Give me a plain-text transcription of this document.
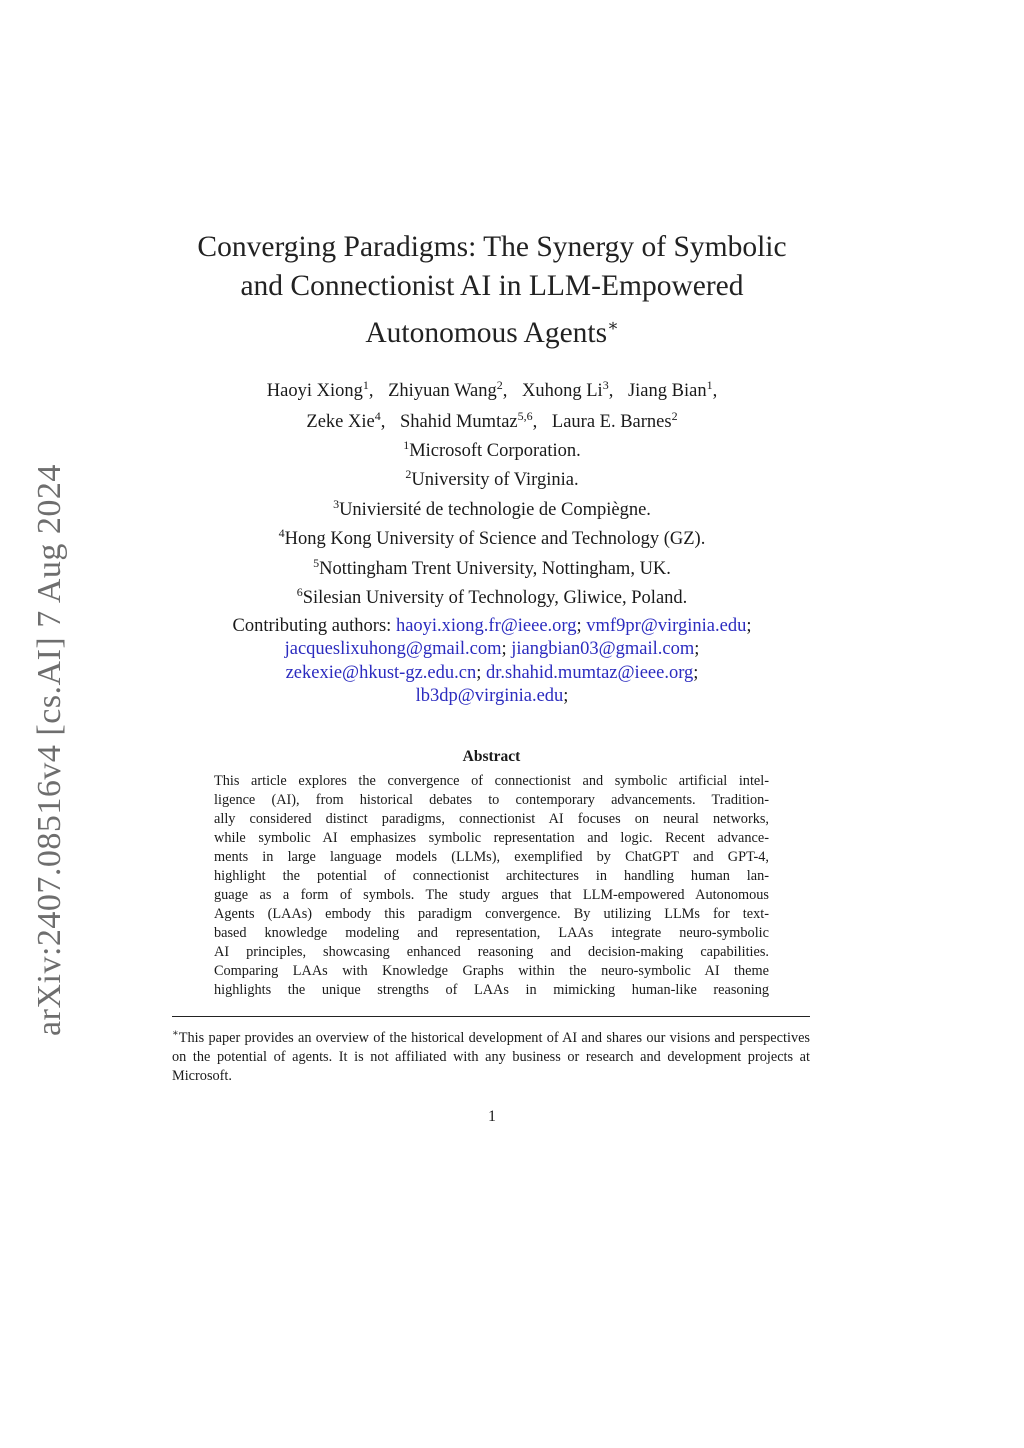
arXiv:2407.08516v4 [cs.AI] 7 Aug 2024
Converging Paradigms: The Synergy of Symbolic
and Connectionist AI in LLM-Empowered
Autonomous Agents∗
Haoyi Xiong$^1$, Zhiyuan Wang$^2$, Xuhong Li$^3$, Jiang Bian$^1$,
Zeke Xie$^4$, Shahid Mumtaz$^{5,6}$, Laura E. Barnes$^2$
$^1$Microsoft Corporation.
$^2$University of Virginia.
$^3$Univiersité de technologie de Compiègne.
$^4$Hong Kong University of Science and Technology (GZ).
$^5$Nottingham Trent University, Nottingham, UK.
$^6$Silesian University of Technology, Gliwice, Poland.
Contributing authors: haoyi.xiong.fr@ieee.org; vmf9pr@virginia.edu;
jacqueslixuhong@gmail.com; jiangbian03@gmail.com;
zekexie@hkust-gz.edu.cn; dr.shahid.mumtaz@ieee.org;
lb3dp@virginia.edu;
Abstract
This article explores the convergence of connectionist and symbolic artificial intel-
ligence (AI), from historical debates to contemporary advancements. Tradition-
ally considered distinct paradigms, connectionist AI focuses on neural networks,
while symbolic AI emphasizes symbolic representation and logic. Recent advance-
ments in large language models (LLMs), exemplified by ChatGPT and GPT-4,
highlight the potential of connectionist architectures in handling human lan-
guage as a form of symbols. The study argues that LLM-empowered Autonomous
Agents (LAAs) embody this paradigm convergence. By utilizing LLMs for text-
based knowledge modeling and representation, LAAs integrate neuro-symbolic
AI principles, showcasing enhanced reasoning and decision-making capabilities.
Comparing LAAs with Knowledge Graphs within the neuro-symbolic AI theme
highlights the unique strengths of LAAs in mimicking human-like reasoning
∗This paper provides an overview of the historical development of AI and shares our visions and perspectives on the potential of agents. It is not affiliated with any business or research and development projects at Microsoft.
1
